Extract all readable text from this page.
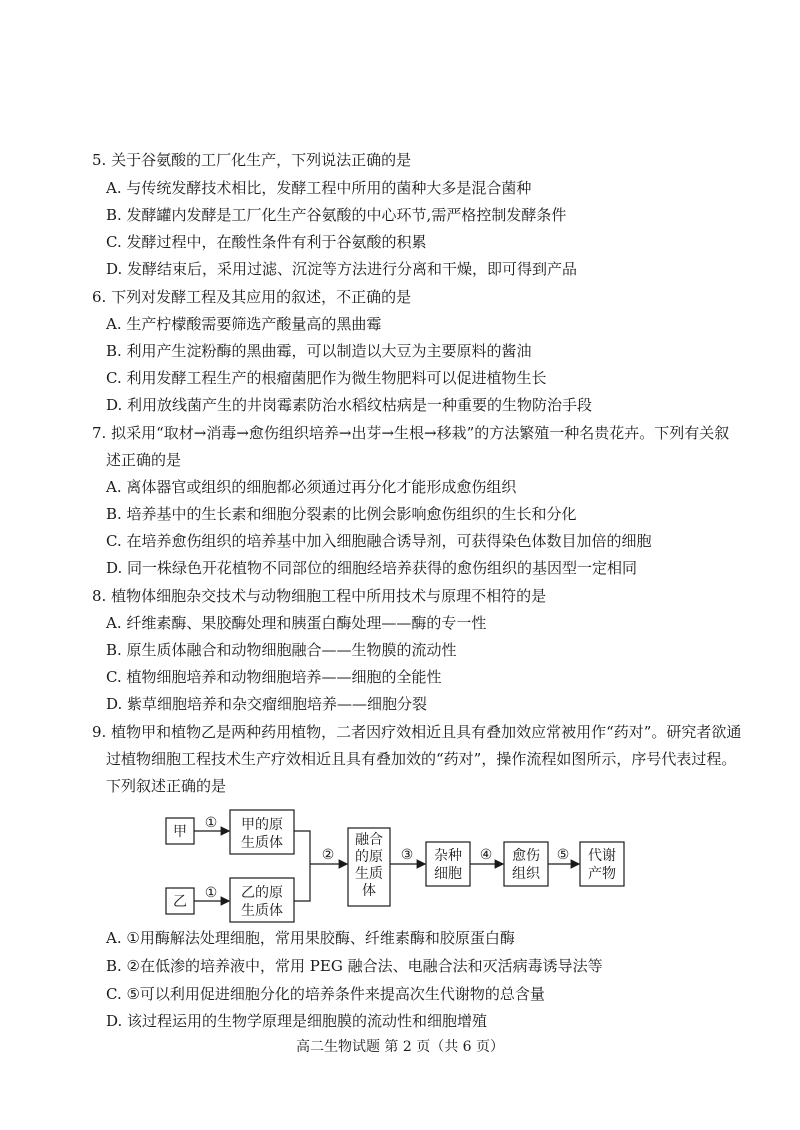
5. 关于谷氨酸的工厂化生产，下列说法正确的是
A. 与传统发酵技术相比，发酵工程中所用的菌种大多是混合菌种
B. 发酵罐内发酵是工厂化生产谷氨酸的中心环节,需严格控制发酵条件
C. 发酵过程中，在酸性条件有利于谷氨酸的积累
D. 发酵结束后，采用过滤、沉淀等方法进行分离和干燥，即可得到产品
6. 下列对发酵工程及其应用的叙述，不正确的是
A. 生产柠檬酸需要筛选产酸量高的黑曲霉
B. 利用产生淀粉酶的黑曲霉，可以制造以大豆为主要原料的酱油
C. 利用发酵工程生产的根瘤菌肥作为微生物肥料可以促进植物生长
D. 利用放线菌产生的井岗霉素防治水稻纹枯病是一种重要的生物防治手段
7. 拟采用“取材→消毒→愈伤组织培养→出芽→生根→移栽”的方法繁殖一种名贵花卉。下列有关叙
述正确的是
A. 离体器官或组织的细胞都必须通过再分化才能形成愈伤组织
B. 培养基中的生长素和细胞分裂素的比例会影响愈伤组织的生长和分化
C. 在培养愈伤组织的培养基中加入细胞融合诱导剂，可获得染色体数目加倍的细胞
D. 同一株绿色开花植物不同部位的细胞经培养获得的愈伤组织的基因型一定相同
8. 植物体细胞杂交技术与动物细胞工程中所用技术与原理不相符的是
A. 纤维素酶、果胶酶处理和胰蛋白酶处理——酶的专一性
B. 原生质体融合和动物细胞融合——生物膜的流动性
C. 植物细胞培养和动物细胞培养——细胞的全能性
D. 紫草细胞培养和杂交瘤细胞培养——细胞分裂
9. 植物甲和植物乙是两种药用植物，二者因疗效相近且具有叠加效应常被用作“药对”。研究者欲通
过植物细胞工程技术生产疗效相近且具有叠加效的“药对”，操作流程如图所示，序号代表过程。
下列叙述正确的是
甲
乙
甲的原
生质体
乙的原
生质体
融合
的原
生质
体
杂种
细胞
愈伤
组织
代谢
产物
①
①
②	③	④	⑤
A. ①用酶解法处理细胞，常用果胶酶、纤维素酶和胶原蛋白酶
B. ②在低渗的培养液中，常用 PEG 融合法、电融合法和灭活病毒诱导法等
C. ⑤可以利用促进细胞分化的培养条件来提高次生代谢物的总含量
D. 该过程运用的生物学原理是细胞膜的流动性和细胞增殖
高二生物试题 第 2 页（共 6 页）
